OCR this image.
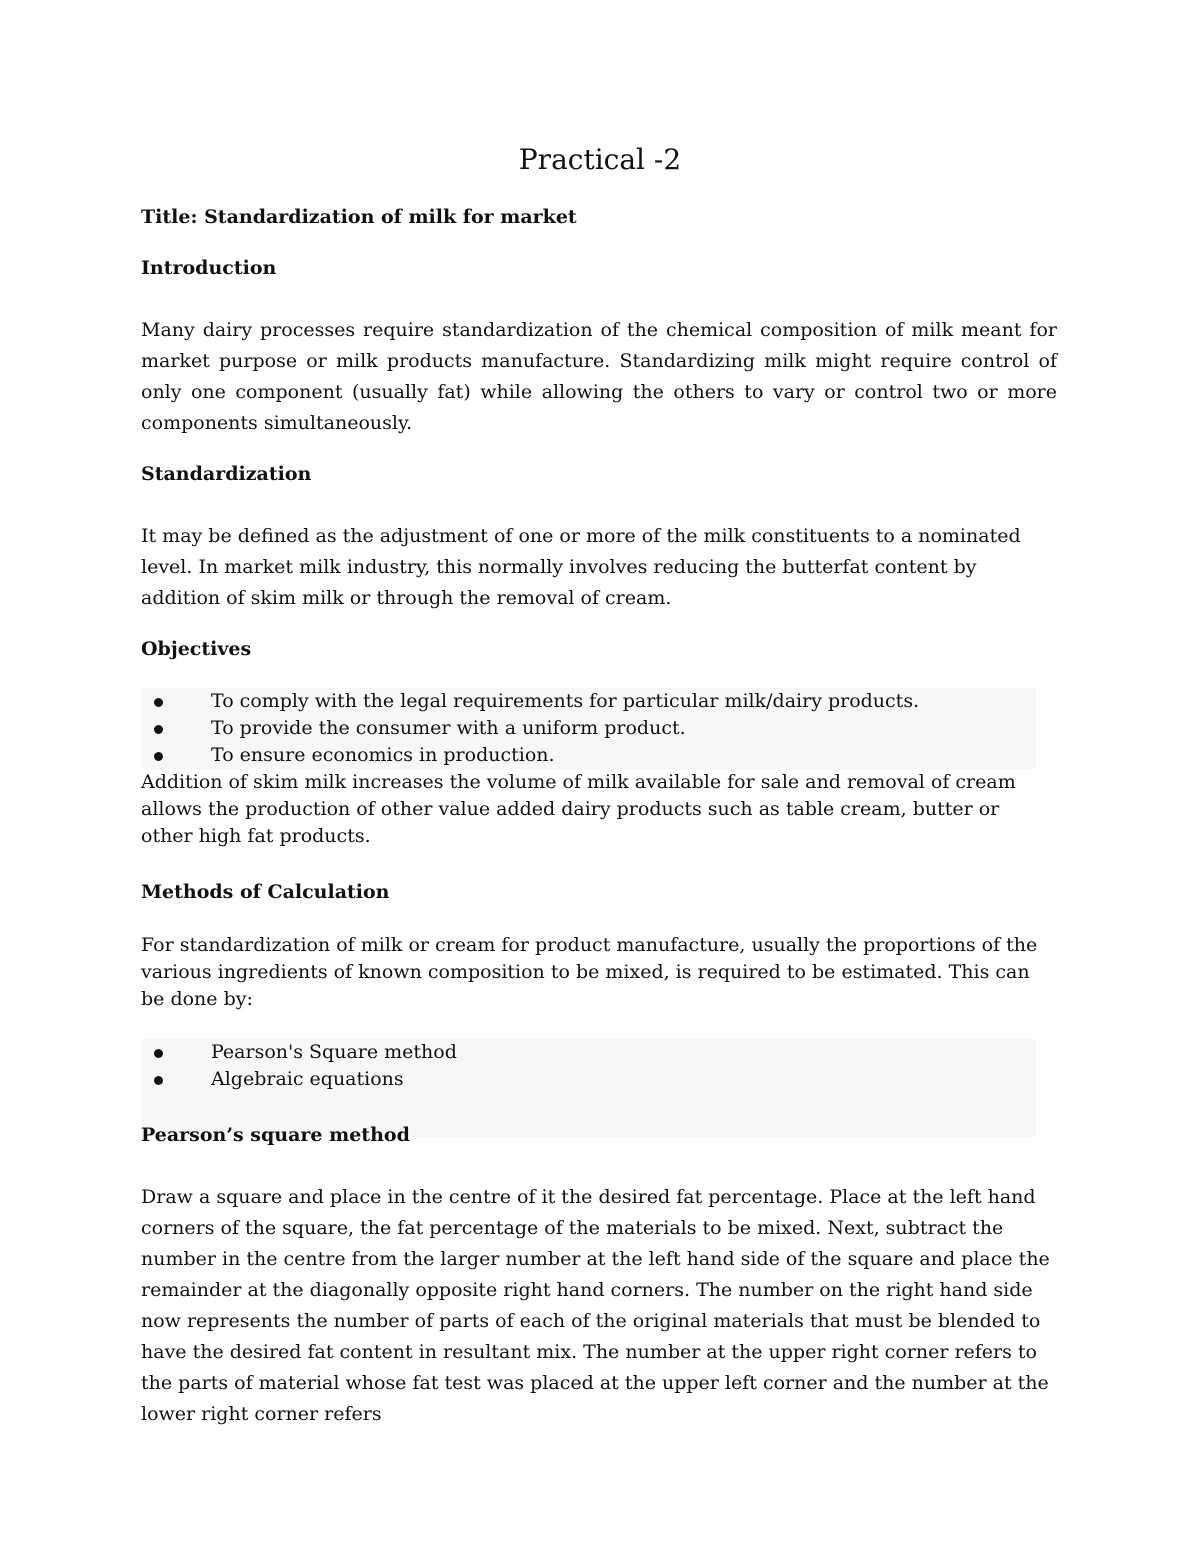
Practical -2
Title: Standardization of milk for market
Introduction
Many dairy processes require standardization of the chemical composition of milk meant for market purpose or milk products manufacture. Standardizing milk might require control of only one component (usually fat) while allowing the others to vary or control two or more components simultaneously.
Standardization
It may be defined as the adjustment of one or more of the milk constituents to a nominated level. In market milk industry, this normally involves reducing the butterfat content by addition of skim milk or through the removal of cream.
Objectives
To comply with the legal requirements for particular milk/dairy products.
To provide the consumer with a uniform product.
To ensure economics in production.
Addition of skim milk increases the volume of milk available for sale and removal of cream allows the production of other value added dairy products such as table cream, butter or other high fat products.
Methods of Calculation
For standardization of milk or cream for product manufacture, usually the proportions of the various ingredients of known composition to be mixed, is required to be estimated. This can be done by:
Pearson's Square method
Algebraic equations
Pearson’s square method
Draw a square and place in the centre of it the desired fat percentage. Place at the left hand corners of the square, the fat percentage of the materials to be mixed. Next, subtract the number in the centre from the larger number at the left hand side of the square and place the remainder at the diagonally opposite right hand corners. The number on the right hand side now represents the number of parts of each of the original materials that must be blended to have the desired fat content in resultant mix. The number at the upper right corner refers to the parts of material whose fat test was placed at the upper left corner and the number at the lower right corner refers
